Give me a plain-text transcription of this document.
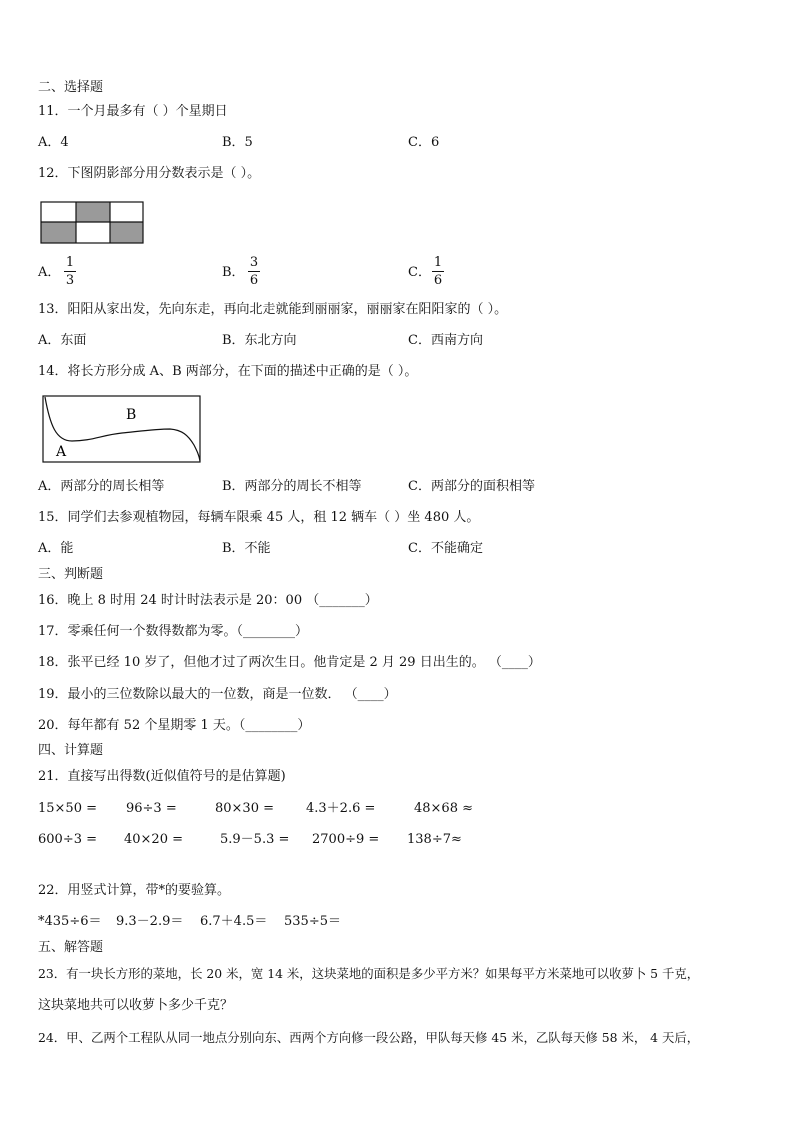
二、选择题
11．一个月最多有（ ）个星期日
A．4	B．5	C．6
12．下图阴影部分用分数表示是（ ）。
A．
1
3
B．
3
6
C．
1
6
13．阳阳从家出发，先向东走，再向北走就能到丽丽家，丽丽家在阳阳家的（ ）。
A．东面	B．东北方向	C．西南方向
14．将长方形分成 A、B 两部分，在下面的描述中正确的是（ ）。
B
A
A．两部分的周长相等	B．两部分的周长不相等	C．两部分的面积相等
15．同学们去参观植物园，每辆车限乘 45 人，租 12 辆车（ ）坐 480 人。
A．能	B．不能	C．不能确定
三、判断题
16．晚上 8 时用 24 时计时法表示是 20：00 （_______）
17．零乘任何一个数得数都为零。（________）
18．张平已经 10 岁了，但他才过了两次生日。他肯定是 2 月 29 日出生的。 （____）
19．最小的三位数除以最大的一位数，商是一位数． （____）
20．每年都有 52 个星期零 1 天。（________）
四、计算题
21．直接写出得数(近似值符号的是估算题)
15×50 = 96÷3 =	80×30 = 4.3＋2.6 =	48×68 ≈
600÷3 = 40×20 =	5.9－5.3 = 2700÷9 = 138÷7≈
22．用竖式计算，带*的要验算。
*435÷6＝ 9.3－2.9＝ 6.7＋4.5＝ 535÷5＝
五、解答题
23．有一块长方形的菜地，长 20 米，宽 14 米，这块菜地的面积是多少平方米？如果每平方米菜地可以收萝卜 5 千克，
这块菜地共可以收萝卜多少千克？
24．甲、乙两个工程队从同一地点分别向东、西两个方向修一段公路，甲队每天修 45 米，乙队每天修 58 米， 4 天后，
